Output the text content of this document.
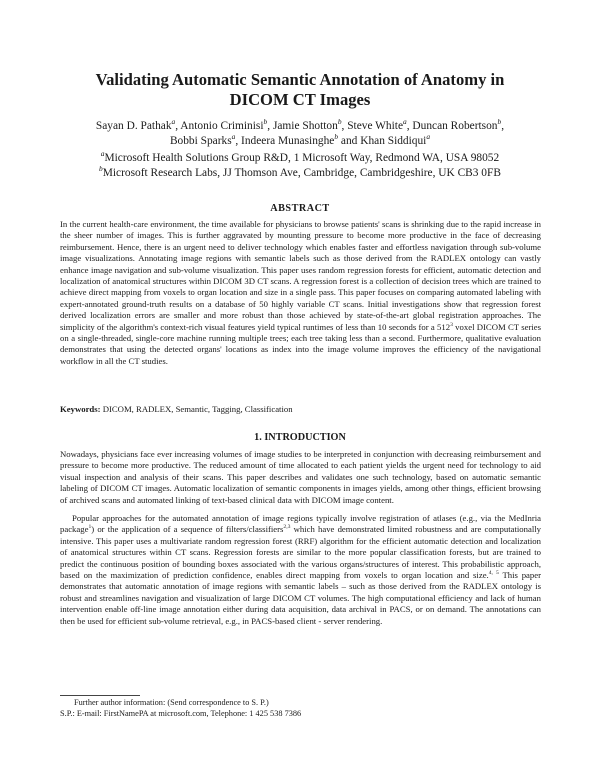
Validating Automatic Semantic Annotation of Anatomy in
DICOM CT Images
Sayan D. Pathak$^a$, Antonio Criminisi$^b$, Jamie Shotton$^b$, Steve White$^a$, Duncan Robertson$^b$,
Bobbi Sparks$^a$, Indeera Munasinghe$^b$ and Khan Siddiqui$^a$
$^a$Microsoft Health Solutions Group R&D, 1 Microsoft Way, Redmond WA, USA 98052
$^b$Microsoft Research Labs, JJ Thomson Ave, Cambridge, Cambridgeshire, UK CB3 0FB
ABSTRACT
In the current health-care environment, the time available for physicians to browse patients' scans is shrinking due to the rapid increase in the sheer number of images. This is further aggravated by mounting pressure to become more productive in the face of decreasing reimbursement. Hence, there is an urgent need to deliver technology which enables faster and effortless navigation through sub-volume image visualizations. Annotating image regions with semantic labels such as those derived from the RADLEX ontology can vastly enhance image navigation and sub-volume visualization. This paper uses random regression forests for efficient, automatic detection and localization of anatomical structures within DICOM 3D CT scans. A regression forest is a collection of decision trees which are trained to achieve direct mapping from voxels to organ location and size in a single pass. This paper focuses on comparing automated labeling with expert-annotated ground-truth results on a database of 50 highly variable CT scans. Initial investigations show that regression forest derived localization errors are smaller and more robust than those achieved by state-of-the-art global registration approaches. The simplicity of the algorithm's context-rich visual features yield typical runtimes of less than 10 seconds for a $512^3$ voxel DICOM CT series on a single-threaded, single-core machine running multiple trees; each tree taking less than a second. Furthermore, qualitative evaluation demonstrates that using the detected organs' locations as index into the image volume improves the efficiency of the navigational workflow in all the CT studies.
Keywords: DICOM, RADLEX, Semantic, Tagging, Classification
1. INTRODUCTION

Nowadays, physicians face ever increasing volumes of image studies to be interpreted in conjunction with decreasing reimbursement and pressure to become more productive. The reduced amount of time allocated to each patient yields the urgent need for technology to aid visual inspection and analysis of their scans. This paper describes and validates one such technology, based on automatic semantic labeling of DICOM CT images. Automatic localization of semantic components in images yields, among other things, efficient browsing of archived scans and automated linking of text-based clinical data with DICOM image content.

Popular approaches for the automated annotation of image regions typically involve registration of atlases (e.g., via the MedInria package$^1$) or the application of a sequence of filters/classifiers$^{2,3}$ which have demonstrated limited robustness and are computationally intensive. This paper uses a multivariate random regression forest (RRF) algorithm for the efficient automatic detection and localization of anatomical structures within CT scans. Regression forests are similar to the more popular classification forests, but are trained to predict the continuous position of bounding boxes associated with the various organs/structures of interest. This probabilistic approach, based on the maximization of prediction confidence, enables direct mapping from voxels to organ location and size.$^{4, 5}$ This paper demonstrates that automatic annotation of image regions with semantic labels – such as those derived from the RADLEX ontology is robust and streamlines navigation and visualization of large DICOM CT volumes. The high computational efficiency and lack of human intervention enable off-line image annotation either during data acquisition, data archival in PACS, or on demand. The annotations can then be used for efficient sub-volume retrieval, e.g., in PACS-based client - server rendering.

Further author information: (Send correspondence to S. P.)
S.P.: E-mail: FirstNamePA at microsoft.com, Telephone: 1 425 538 7386
